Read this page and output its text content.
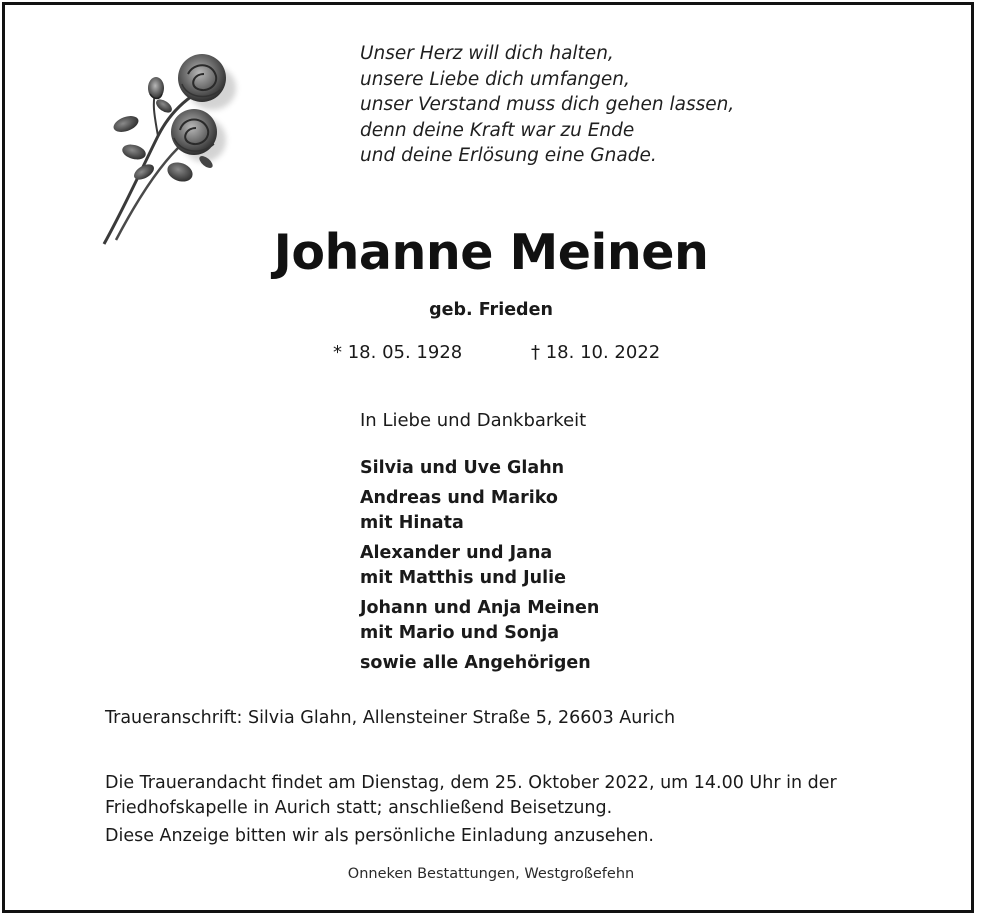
Unser Herz will dich halten,
unsere Liebe dich umfangen,
unser Verstand muss dich gehen lassen,
denn deine Kraft war zu Ende
und deine Erlösung eine Gnade.
Johanne Meinen
geb. Frieden
* 18. 05. 1928	† 18. 10. 2022
In Liebe und Dankbarkeit
Silvia und Uve Glahn
Andreas und Mariko
mit Hinata
Alexander und Jana
mit Matthis und Julie
Johann und Anja Meinen
mit Mario und Sonja
sowie alle Angehörigen
Traueranschrift: Silvia Glahn, Allensteiner Straße 5, 26603 Aurich
Die Trauerandacht findet am Dienstag, dem 25. Oktober 2022, um 14.00 Uhr in der
Friedhofskapelle in Aurich statt; anschließend Beisetzung.
Diese Anzeige bitten wir als persönliche Einladung anzusehen.
Onneken Bestattungen, Westgroßefehn
